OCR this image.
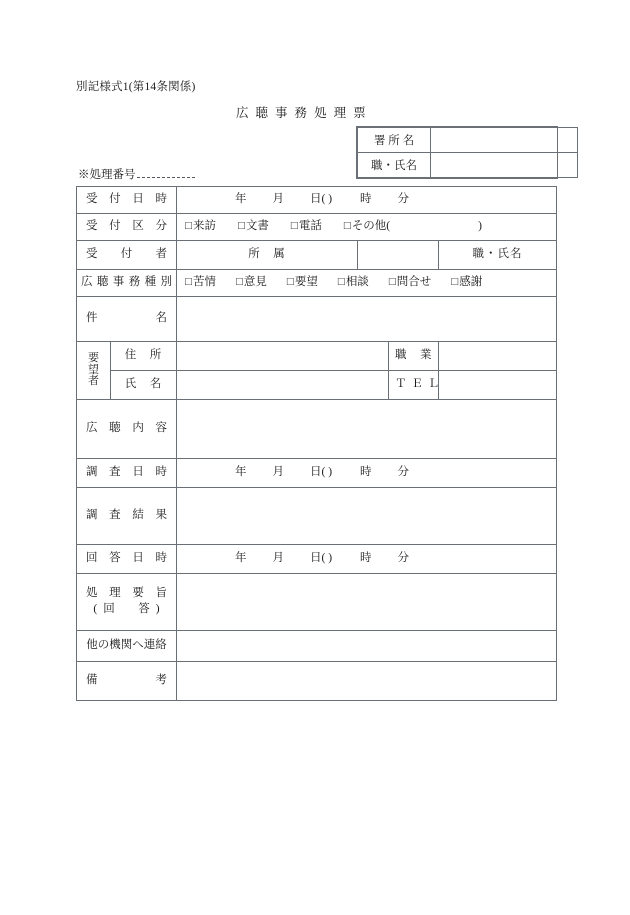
別記様式1(第14条関係)
広 聴 事 務 処 理 票
署 所 名	
職・氏名	
※処理番号
受付日時		年 月 日( ) 時 分				
受付区分		□来訪 □文書 □電話 □その他( )				
受付者		所　属			職・氏名	
広聴事務種別		□苦情 □意見 □要望 □相談 □問合せ □感謝				
件名						

要
望
者	住　所			職　業		
	氏　名			Ｔ Ｅ Ｌ		
広聴内容						
調査日時		年 月 日( ) 時 分				
調査結果						
回答日時		年 月 日( ) 時 分				

処理要旨
(回　答)						

他の機関へ連絡						
備考						
